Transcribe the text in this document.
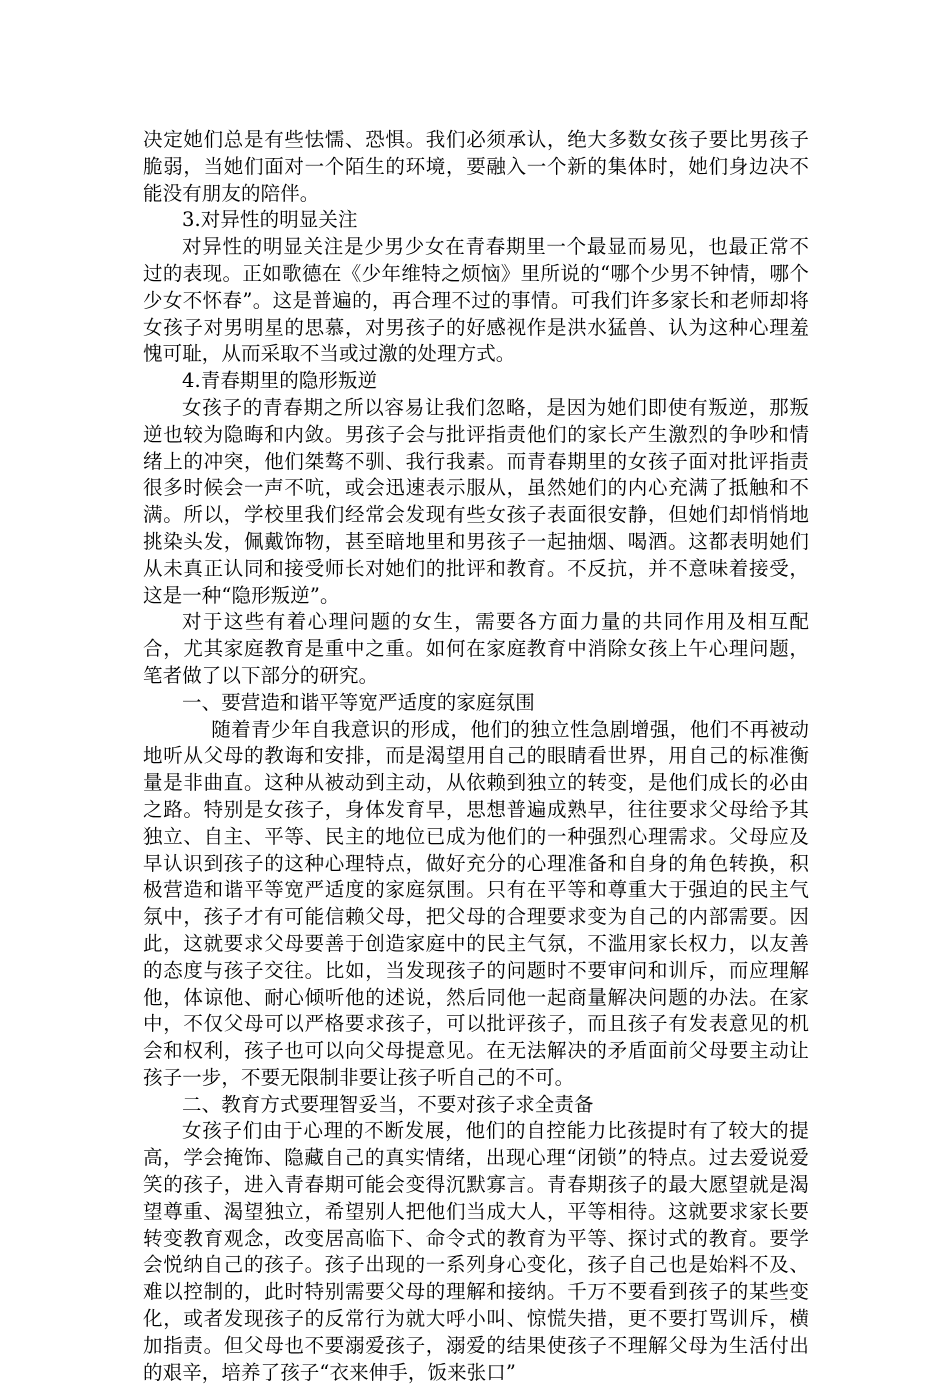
决定她们总是有些怯懦、恐惧。我们必须承认，绝大多数女孩子要比男孩子脆弱，当她们面对一个陌生的环境，要融入一个新的集体时，她们身边决不能没有朋友的陪伴。

3.对异性的明显关注

对异性的明显关注是少男少女在青春期里一个最显而易见，也最正常不过的表现。正如歌德在《少年维特之烦恼》里所说的“哪个少男不钟情，哪个少女不怀春”。这是普遍的，再合理不过的事情。可我们许多家长和老师却将女孩子对男明星的思慕，对男孩子的好感视作是洪水猛兽、认为这种心理羞愧可耻，从而采取不当或过激的处理方式。

4.青春期里的隐形叛逆

女孩子的青春期之所以容易让我们忽略，是因为她们即使有叛逆，那叛逆也较为隐晦和内敛。男孩子会与批评指责他们的家长产生激烈的争吵和情绪上的冲突，他们桀骜不驯、我行我素。而青春期里的女孩子面对批评指责很多时候会一声不吭，或会迅速表示服从，虽然她们的内心充满了抵触和不满。所以，学校里我们经常会发现有些女孩子表面很安静，但她们却悄悄地挑染头发，佩戴饰物，甚至暗地里和男孩子一起抽烟、喝酒。这都表明她们从未真正认同和接受师长对她们的批评和教育。不反抗，并不意味着接受，这是一种“隐形叛逆”。

对于这些有着心理问题的女生，需要各方面力量的共同作用及相互配合，尤其家庭教育是重中之重。如何在家庭教育中消除女孩上午心理问题，笔者做了以下部分的研究。

一、要营造和谐平等宽严适度的家庭氛围

随着青少年自我意识的形成，他们的独立性急剧增强，他们不再被动地听从父母的教诲和安排，而是渴望用自己的眼睛看世界，用自己的标准衡量是非曲直。这种从被动到主动，从依赖到独立的转变，是他们成长的必由之路。特别是女孩子，身体发育早，思想普遍成熟早，往往要求父母给予其独立、自主、平等、民主的地位已成为他们的一种强烈心理需求。父母应及早认识到孩子的这种心理特点，做好充分的心理准备和自身的角色转换，积极营造和谐平等宽严适度的家庭氛围。只有在平等和尊重大于强迫的民主气氛中，孩子才有可能信赖父母，把父母的合理要求变为自己的内部需要。因此，这就要求父母要善于创造家庭中的民主气氛，不滥用家长权力，以友善的态度与孩子交往。比如，当发现孩子的问题时不要审问和训斥，而应理解他，体谅他、耐心倾听他的述说，然后同他一起商量解决问题的办法。在家中，不仅父母可以严格要求孩子，可以批评孩子，而且孩子有发表意见的机会和权利，孩子也可以向父母提意见。在无法解决的矛盾面前父母要主动让孩子一步，不要无限制非要让孩子听自己的不可。

二、教育方式要理智妥当，不要对孩子求全责备

女孩子们由于心理的不断发展，他们的自控能力比孩提时有了较大的提高，学会掩饰、隐藏自己的真实情绪，出现心理“闭锁”的特点。过去爱说爱笑的孩子，进入青春期可能会变得沉默寡言。青春期孩子的最大愿望就是渴望尊重、渴望独立，希望别人把他们当成大人，平等相待。这就要求家长要转变教育观念，改变居高临下、命令式的教育为平等、探讨式的教育。要学会悦纳自己的孩子。孩子出现的一系列身心变化，孩子自己也是始料不及、难以控制的，此时特别需要父母的理解和接纳。千万不要看到孩子的某些变化，或者发现孩子的反常行为就大呼小叫、惊慌失措，更不要打骂训斥，横加指责。但父母也不要溺爱孩子，溺爱的结果使孩子不理解父母为生活付出的艰辛，培养了孩子“衣来伸手，饭来张口”
